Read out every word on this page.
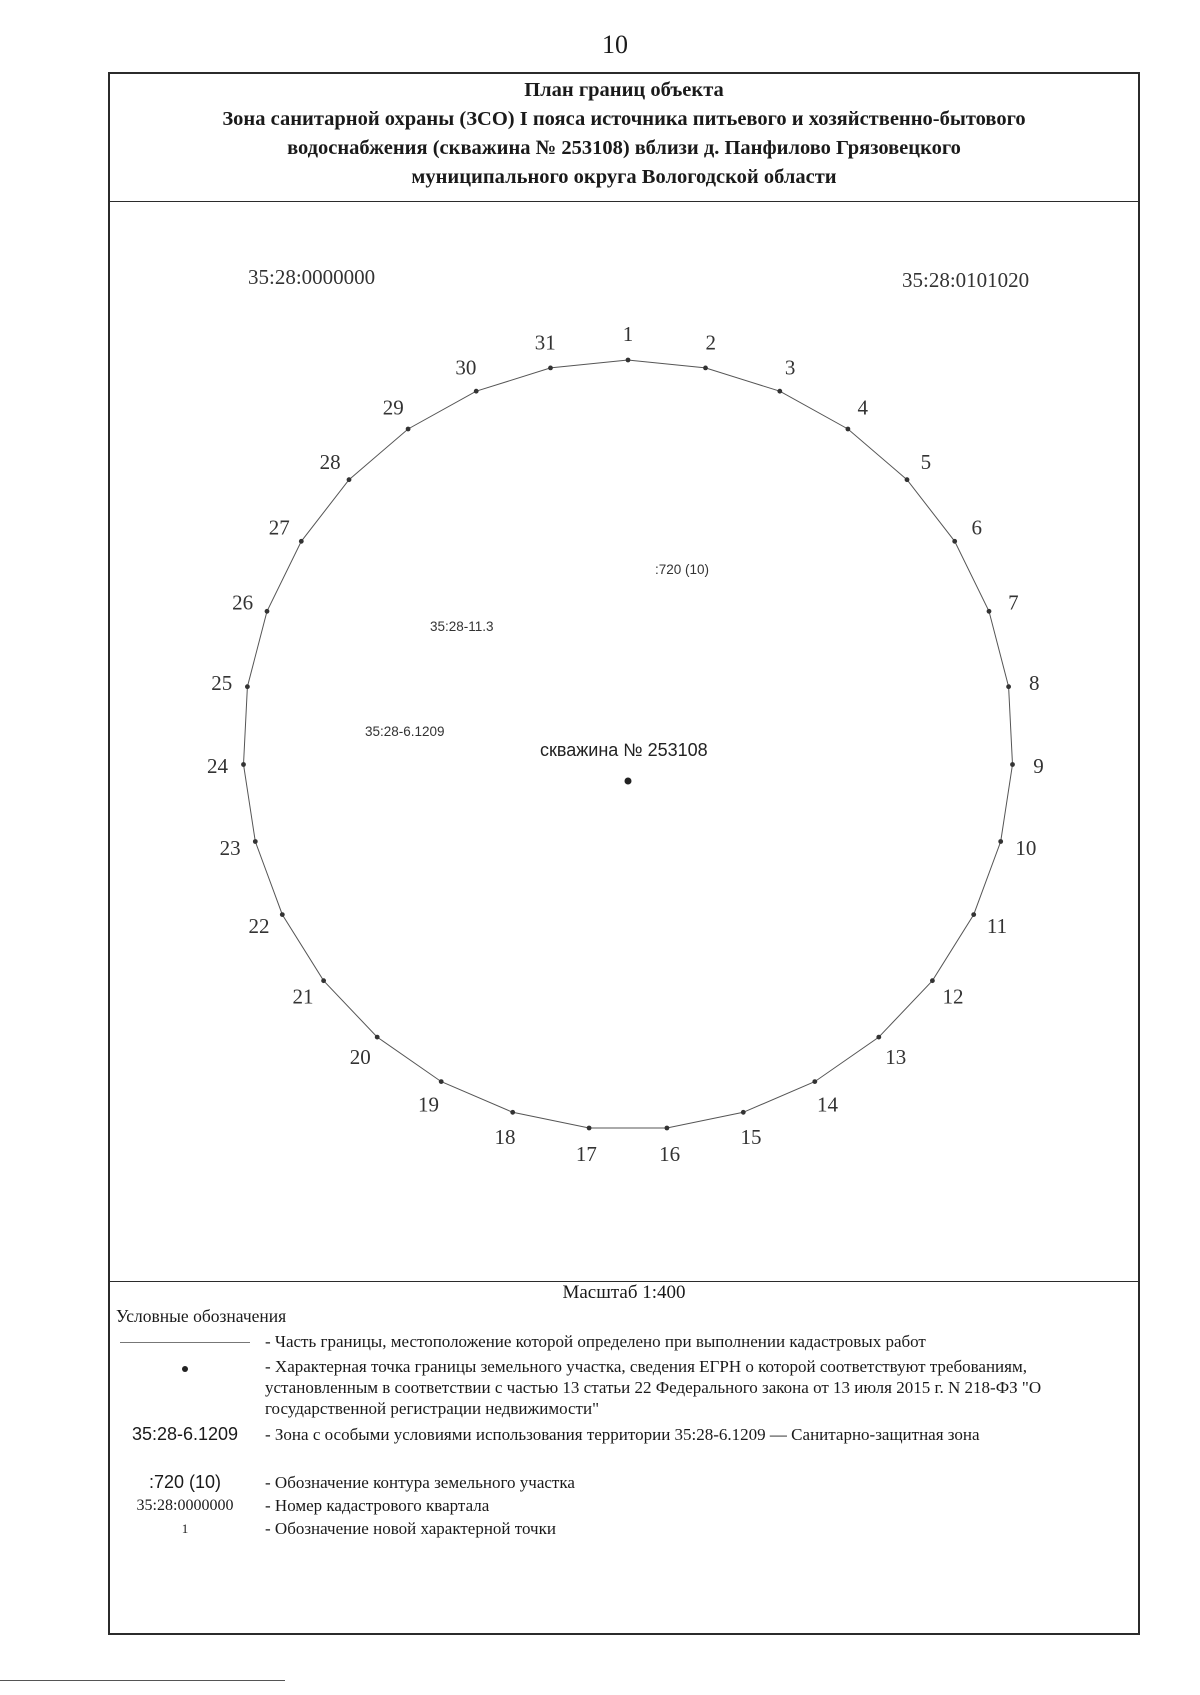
10
План границ объекта
Зона санитарной охраны (ЗСО) I пояса источника питьевого и хозяйственно-бытового
водоснабжения (скважина № 253108) вблизи д. Панфилово Грязовецкого
муниципального округа Вологодской области
35:28:0000000	35:28:0101020
1	2
3
4
5
6
7
8
9
10
11
12
13
14
15
16
17
18
19
20
21
22
23
24
25
26
27
28
29
30
31
:720 (10)
35:28-11.3
35:28-6.1209
скважина № 253108
Масштаб 1:400
Условные обозначения
- Часть границы, местоположение которой определено при выполнении кадастровых работ
- Характерная точка границы земельного участка, сведения ЕГРН о которой соответствуют требованиям, установленным в соответствии с частью 13 статьи 22 Федерального закона от 13 июля 2015 г. N 218-ФЗ "О государственной регистрации недвижимости"
35:28-6.1209	- Зона с особыми условиями использования территории 35:28-6.1209 — Санитарно-защитная зона
:720 (10)	- Обозначение контура земельного участка
35:28:0000000	- Номер кадастрового квартала
1	- Обозначение новой характерной точки
